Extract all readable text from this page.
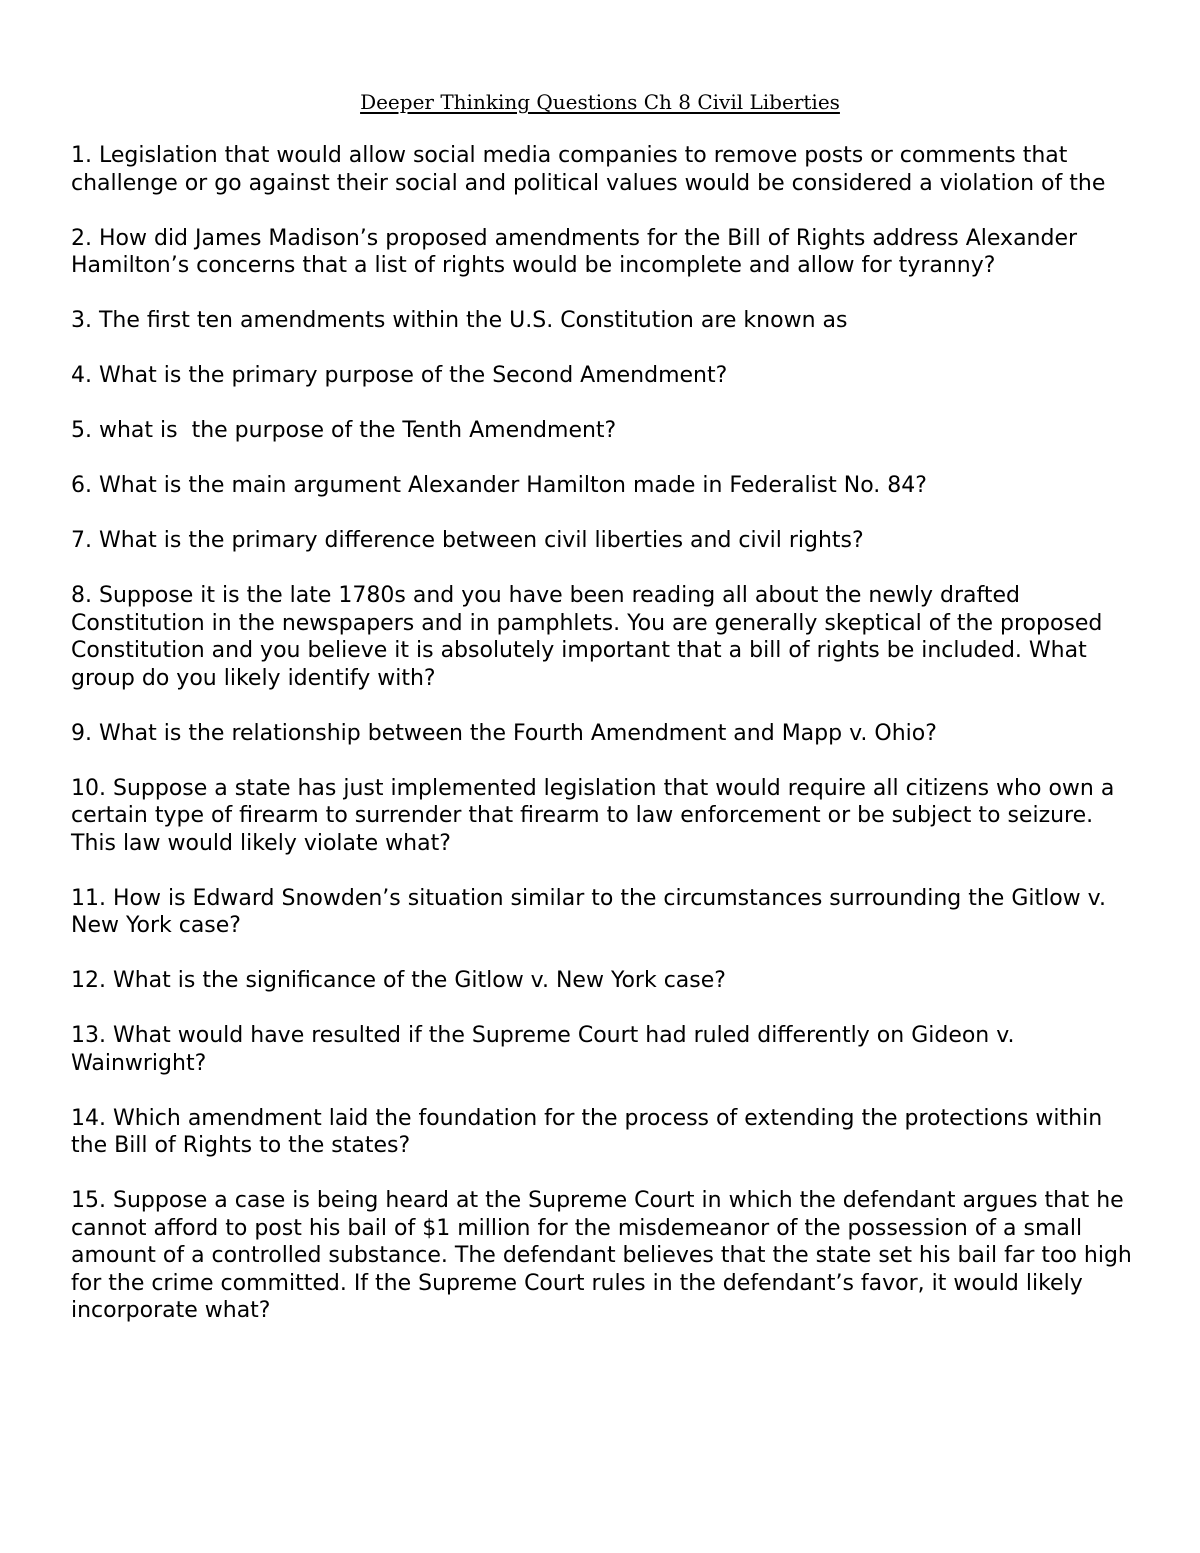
Deeper Thinking Questions Ch 8 Civil Liberties
1. Legislation that would allow social media companies to remove posts or comments that challenge or go against their social and political values would be considered a violation of the
2. How did James Madison’s proposed amendments for the Bill of Rights address Alexander Hamilton’s concerns that a list of rights would be incomplete and allow for tyranny?
3. The first ten amendments within the U.S. Constitution are known as
4. What is the primary purpose of the Second Amendment?
5. what is  the purpose of the Tenth Amendment?
6. What is the main argument Alexander Hamilton made in Federalist No. 84?
7. What is the primary difference between civil liberties and civil rights?
8. Suppose it is the late 1780s and you have been reading all about the newly drafted Constitution in the newspapers and in pamphlets. You are generally skeptical of the proposed Constitution and you believe it is absolutely important that a bill of rights be included. What group do you likely identify with?
9. What is the relationship between the Fourth Amendment and Mapp v. Ohio?
10. Suppose a state has just implemented legislation that would require all citizens who own a certain type of firearm to surrender that firearm to law enforcement or be subject to seizure. This law would likely violate what?
11. How is Edward Snowden’s situation similar to the circumstances surrounding the Gitlow v. New York case?
12. What is the significance of the Gitlow v. New York case?
13. What would have resulted if the Supreme Court had ruled differently on Gideon v. Wainwright?
14. Which amendment laid the foundation for the process of extending the protections within the Bill of Rights to the states?
15. Suppose a case is being heard at the Supreme Court in which the defendant argues that he cannot afford to post his bail of $1 million for the misdemeanor of the possession of a small amount of a controlled substance. The defendant believes that the state set his bail far too high for the crime committed. If the Supreme Court rules in the defendant’s favor, it would likely incorporate what?
